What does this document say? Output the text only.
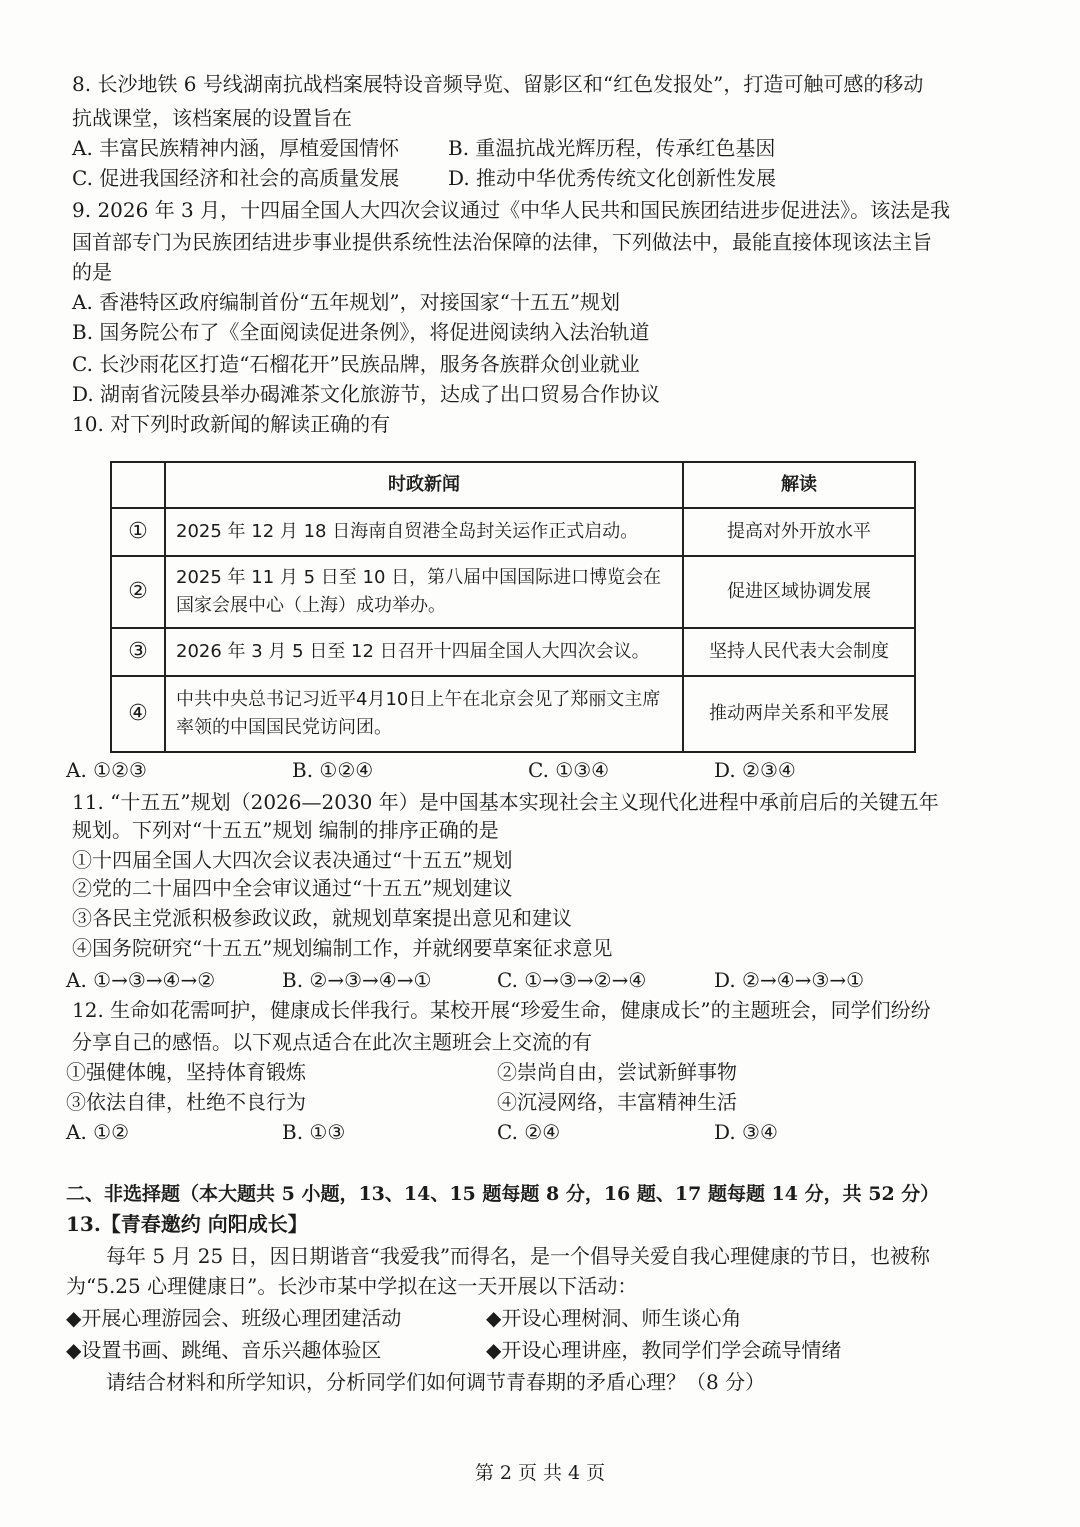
8. 长沙地铁 6 号线湖南抗战档案展特设音频导览、留影区和“红色发报处”，打造可触可感的移动
抗战课堂，该档案展的设置旨在
A. 丰富民族精神内涵，厚植爱国情怀 B. 重温抗战光辉历程，传承红色基因
C. 促进我国经济和社会的高质量发展 D. 推动中华优秀传统文化创新性发展
9. 2026 年 3 月，十四届全国人大四次会议通过《中华人民共和国民族团结进步促进法》。该法是我
国首部专门为民族团结进步事业提供系统性法治保障的法律，下列做法中，最能直接体现该法主旨
的是
A. 香港特区政府编制首份“五年规划”，对接国家“十五五”规划
B. 国务院公布了《全面阅读促进条例》，将促进阅读纳入法治轨道
C. 长沙雨花区打造“石榴花开”民族品牌，服务各族群众创业就业
D. 湖南省沅陵县举办碣滩茶文化旅游节，达成了出口贸易合作协议
10. 对下列时政新闻的解读正确的有
	时政新闻	解读
①	2025 年 12 月 18 日海南自贸港全岛封关运作正式启动。	提高对外开放水平
②	2025 年 11 月 5 日至 10 日，第八届中国国际进口博览会在国家会展中心（上海）成功举办。	促进区域协调发展
③	2026 年 3 月 5 日至 12 日召开十四届全国人大四次会议。	坚持人民代表大会制度
④	中共中央总书记习近平4月10日上午在北京会见了郑丽文主席率领的中国国民党访问团。	推动两岸关系和平发展
A. ①②③	B. ①②④	C. ①③④	D. ②③④
11. “十五五”规划（2026—2030 年）是中国基本实现社会主义现代化进程中承前启后的关键五年
规划。下列对“十五五”规划 编制的排序正确的是
①十四届全国人大四次会议表决通过“十五五”规划
②党的二十届四中全会审议通过“十五五”规划建议
③各民主党派积极参政议政，就规划草案提出意见和建议
④国务院研究“十五五”规划编制工作，并就纲要草案征求意见
A. ①→③→④→②	B. ②→③→④→①	C. ①→③→②→④	D. ②→④→③→①
12. 生命如花需呵护，健康成长伴我行。某校开展“珍爱生命，健康成长”的主题班会，同学们纷纷
分享自己的感悟。以下观点适合在此次主题班会上交流的有
①强健体魄，坚持体育锻炼	②崇尚自由，尝试新鲜事物
③依法自律，杜绝不良行为	④沉浸网络，丰富精神生活
A. ①②	B. ①③	C. ②④	D. ③④
二、非选择题（本大题共 5 小题，13、14、15 题每题 8 分，16 题、17 题每题 14 分，共 52 分）
13.【青春邀约 向阳成长】
每年 5 月 25 日，因日期谐音“我爱我”而得名，是一个倡导关爱自我心理健康的节日，也被称
为“5.25 心理健康日”。长沙市某中学拟在这一天开展以下活动：
◆开展心理游园会、班级心理团建活动	◆开设心理树洞、师生谈心角
◆设置书画、跳绳、音乐兴趣体验区	◆开设心理讲座，教同学们学会疏导情绪
请结合材料和所学知识，分析同学们如何调节青春期的矛盾心理？（8 分）
第 2 页 共 4 页
